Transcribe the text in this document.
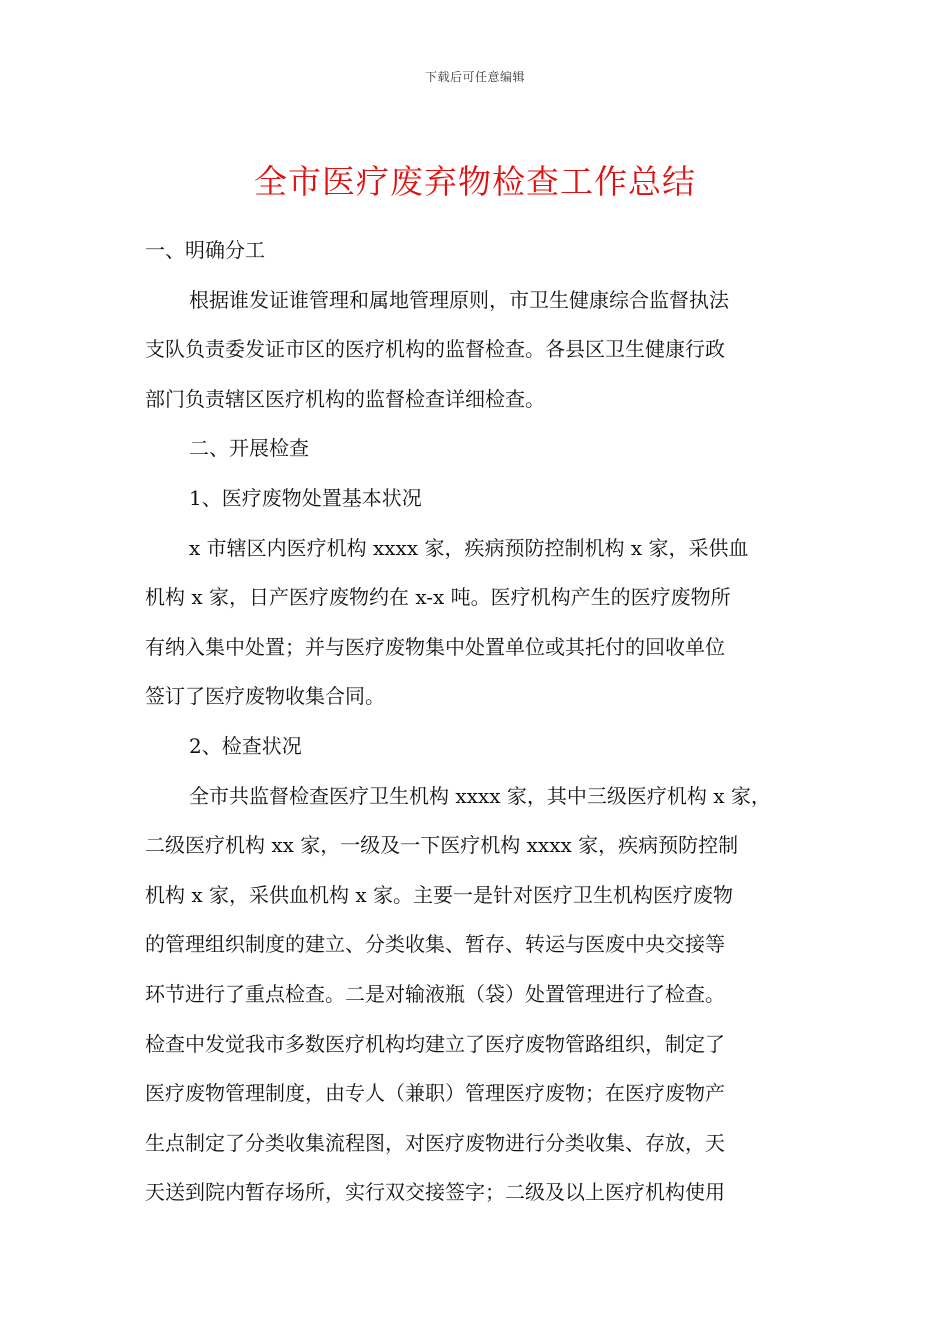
下载后可任意编辑
全市医疗废弃物检查工作总结
一、明确分工
根据谁发证谁管理和属地管理原则，市卫生健康综合监督执法
支队负责委发证市区的医疗机构的监督检查。各县区卫生健康行政
部门负责辖区医疗机构的监督检查详细检查。
二、开展检查
1、医疗废物处置基本状况
x 市辖区内医疗机构 xxxx 家，疾病预防控制机构 x 家，采供血
机构 x 家，日产医疗废物约在 x-x 吨。医疗机构产生的医疗废物所
有纳入集中处置；并与医疗废物集中处置单位或其托付的回收单位
签订了医疗废物收集合同。
2、检查状况
全市共监督检查医疗卫生机构 xxxx 家，其中三级医疗机构 x 家，
二级医疗机构 xx 家，一级及一下医疗机构 xxxx 家，疾病预防控制
机构 x 家，采供血机构 x 家。主要一是针对医疗卫生机构医疗废物
的管理组织制度的建立、分类收集、暂存、转运与医废中央交接等
环节进行了重点检查。二是对输液瓶（袋）处置管理进行了检查。
检查中发觉我市多数医疗机构均建立了医疗废物管路组织，制定了
医疗废物管理制度，由专人（兼职）管理医疗废物；在医疗废物产
生点制定了分类收集流程图，对医疗废物进行分类收集、存放，天
天送到院内暂存场所，实行双交接签字；二级及以上医疗机构使用
